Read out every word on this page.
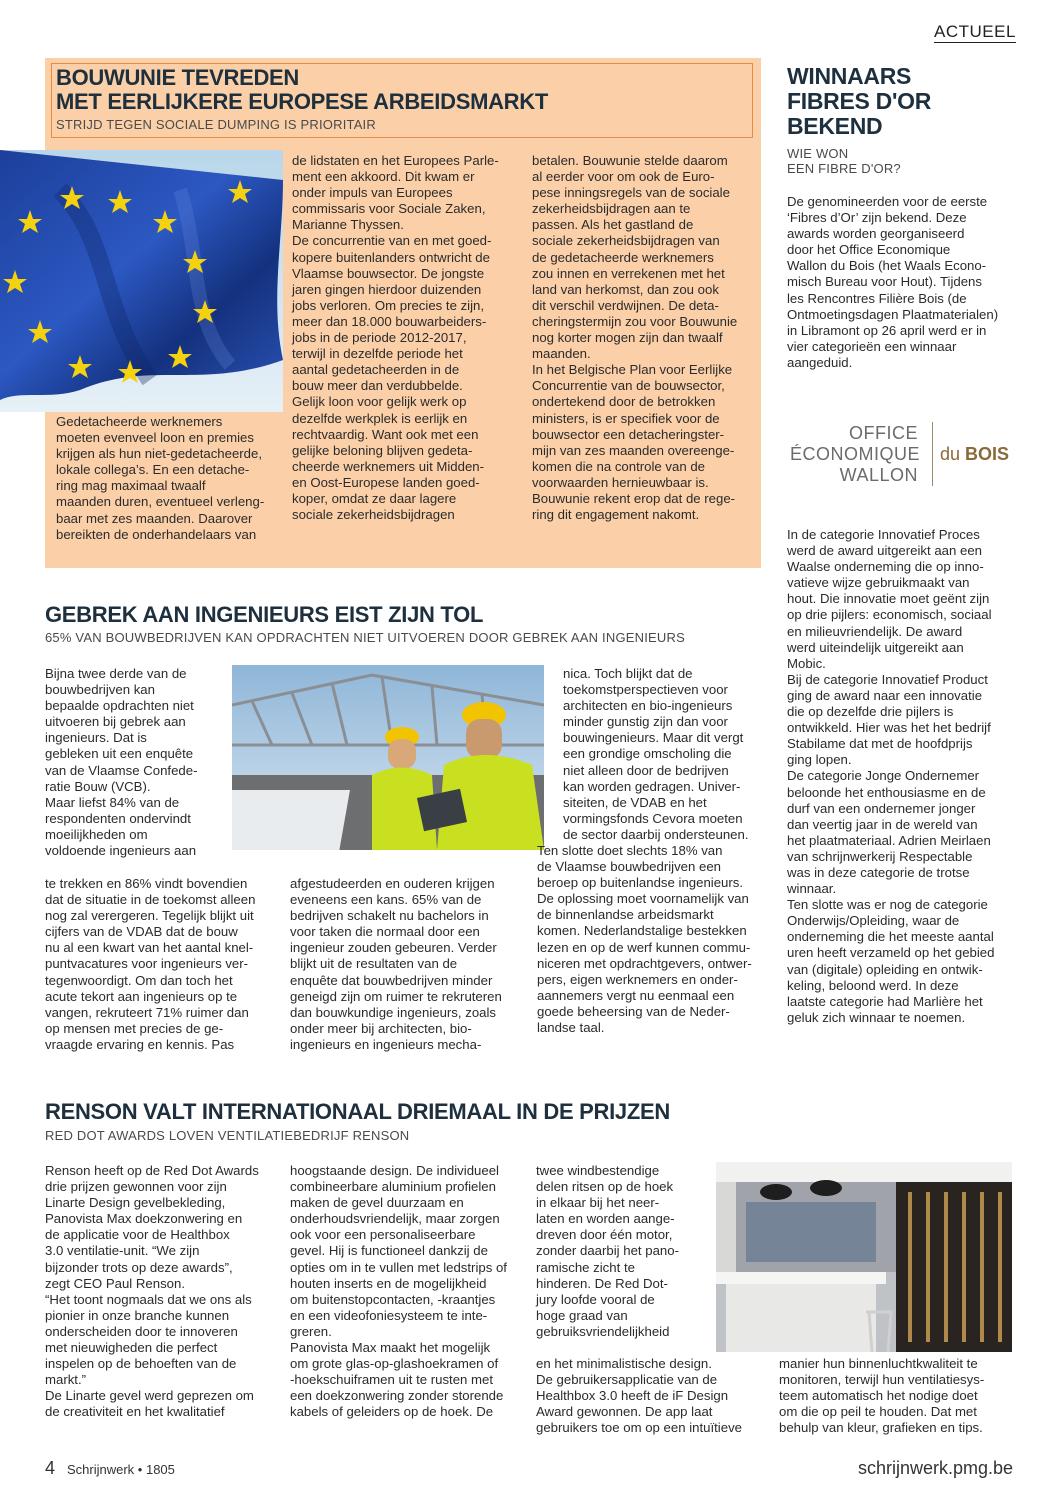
ACTUEEL
BOUWUNIE TEVREDEN
MET EERLIJKERE EUROPESE ARBEIDSMARKT

STRIJD TEGEN SOCIALE DUMPING IS PRIORITAIR

Gedetacheerde werknemers
moeten evenveel loon en premies
krijgen als hun niet-gedetacheerde,
lokale collega’s. En een detache-
ring mag maximaal twaalf
maanden duren, eventueel verleng-
baar met zes maanden. Daarover
bereikten de onderhandelaars van

de lidstaten en het Europees Parle-
ment een akkoord. Dit kwam er
onder impuls van Europees
commissaris voor Sociale Zaken,
Marianne Thyssen.
De concurrentie van en met goed-
kopere buitenlanders ontwricht de
Vlaamse bouwsector. De jongste
jaren gingen hierdoor duizenden
jobs verloren. Om precies te zijn,
meer dan 18.000 bouwarbeiders-
jobs in de periode 2012-2017,
terwijl in dezelfde periode het
aantal gedetacheerden in de
bouw meer dan verdubbelde.
Gelijk loon voor gelijk werk op
dezelfde werkplek is eerlijk en
rechtvaardig. Want ook met een
gelijke beloning blijven gedeta-
cheerde werknemers uit Midden-
en Oost-Europese landen goed-
koper, omdat ze daar lagere
sociale zekerheidsbijdragen

betalen. Bouwunie stelde daarom
al eerder voor om ook de Euro-
pese inningsregels van de sociale
zekerheidsbijdragen aan te
passen. Als het gastland de
sociale zekerheidsbijdragen van
de gedetacheerde werknemers
zou innen en verrekenen met het
land van herkomst, dan zou ook
dit verschil verdwijnen. De deta-
cheringstermijn zou voor Bouwunie
nog korter mogen zijn dan twaalf
maanden.
In het Belgische Plan voor Eerlijke
Concurrentie van de bouwsector,
ondertekend door de betrokken
ministers, is er specifiek voor de
bouwsector een detacheringster-
mijn van zes maanden overeenge-
komen die na controle van de
voorwaarden hernieuwbaar is.
Bouwunie rekent erop dat de rege-
ring dit engagement nakomt.

WINNAARS
FIBRES D'OR
BEKEND

WIE WON
EEN FIBRE D'OR?

De genomineerden voor de eerste
‘Fibres d’Or’ zijn bekend. Deze
awards worden georganiseerd
door het Office Economique
Wallon du Bois (het Waals Econo-
misch Bureau voor Hout). Tijdens
les Rencontres Filière Bois (de
Ontmoetingsdagen Plaatmaterialen)
in Libramont op 26 april werd er in
vier categorieën een winnaar
aangeduid.

OFFICE
ÉCONOMIQUE
WALLON
du BOIS

In de categorie Innovatief Proces
werd de award uitgereikt aan een
Waalse onderneming die op inno-
vatieve wijze gebruikmaakt van
hout. Die innovatie moet geënt zijn
op drie pijlers: economisch, sociaal
en milieuvriendelijk. De award
werd uiteindelijk uitgereikt aan
Mobic.
Bij de categorie Innovatief Product
ging de award naar een innovatie
die op dezelfde drie pijlers is
ontwikkeld. Hier was het het bedrijf
Stabilame dat met de hoofdprijs
ging lopen.
De categorie Jonge Ondernemer
beloonde het enthousiasme en de
durf van een ondernemer jonger
dan veertig jaar in de wereld van
het plaatmateriaal. Adrien Meirlaen
van schrijnwerkerij Respectable
was in deze categorie de trotse
winnaar.
Ten slotte was er nog de categorie
Onderwijs/Opleiding, waar de
onderneming die het meeste aantal
uren heeft verzameld op het gebied
van (digitale) opleiding en ontwik-
keling, beloond werd. In deze
laatste categorie had Marlière het
geluk zich winnaar te noemen.

GEBREK AAN INGENIEURS EIST ZIJN TOL

65% VAN BOUWBEDRIJVEN KAN OPDRACHTEN NIET UITVOEREN DOOR GEBREK AAN INGENIEURS

Bijna twee derde van de
bouwbedrijven kan
bepaalde opdrachten niet
uitvoeren bij gebrek aan
ingenieurs. Dat is
gebleken uit een enquête
van de Vlaamse Confede-
ratie Bouw (VCB).
Maar liefst 84% van de
respondenten ondervindt
moeilijkheden om
voldoende ingenieurs aan

te trekken en 86% vindt bovendien
dat de situatie in de toekomst alleen
nog zal verergeren. Tegelijk blijkt uit
cijfers van de VDAB dat de bouw
nu al een kwart van het aantal knel-
puntvacatures voor ingenieurs ver-
tegenwoordigt. Om dan toch het
acute tekort aan ingenieurs op te
vangen, rekruteert 71% ruimer dan
op mensen met precies de ge-
vraagde ervaring en kennis. Pas

afgestudeerden en ouderen krijgen
eveneens een kans. 65% van de
bedrijven schakelt nu bachelors in
voor taken die normaal door een
ingenieur zouden gebeuren. Verder
blijkt uit de resultaten van de
enquête dat bouwbedrijven minder
geneigd zijn om ruimer te rekruteren
dan bouwkundige ingenieurs, zoals
onder meer bij architecten, bio-
ingenieurs en ingenieurs mecha-

nica. Toch blijkt dat de
toekomstperspectieven voor
architecten en bio-ingenieurs
minder gunstig zijn dan voor
bouwingenieurs. Maar dit vergt
een grondige omscholing die
niet alleen door de bedrijven
kan worden gedragen. Univer-
siteiten, de VDAB en het
vormingsfonds Cevora moeten
de sector daarbij ondersteunen.

Ten slotte doet slechts 18% van
de Vlaamse bouwbedrijven een
beroep op buitenlandse ingenieurs.
De oplossing moet voornamelijk van
de binnenlandse arbeidsmarkt
komen. Nederlandstalige bestekken
lezen en op de werf kunnen commu-
niceren met opdrachtgevers, ontwer-
pers, eigen werknemers en onder-
aannemers vergt nu eenmaal een
goede beheersing van de Neder-
landse taal.

RENSON VALT INTERNATIONAAL DRIEMAAL IN DE PRIJZEN

RED DOT AWARDS LOVEN VENTILATIEBEDRIJF RENSON

Renson heeft op de Red Dot Awards
drie prijzen gewonnen voor zijn
Linarte Design gevelbekleding,
Panovista Max doekzonwering en
de applicatie voor de Healthbox
3.0 ventilatie-unit. “We zijn
bijzonder trots op deze awards”,
zegt CEO Paul Renson.
“Het toont nogmaals dat we ons als
pionier in onze branche kunnen
onderscheiden door te innoveren
met nieuwigheden die perfect
inspelen op de behoeften van de
markt.”
De Linarte gevel werd geprezen om
de creativiteit en het kwalitatief

hoogstaande design. De individueel
combineerbare aluminium profielen
maken de gevel duurzaam en
onderhoudsvriendelijk, maar zorgen
ook voor een personaliseerbare
gevel. Hij is functioneel dankzij de
opties om in te vullen met ledstrips of
houten inserts en de mogelijkheid
om buitenstopcontacten, -kraantjes
en een videofoniesysteem te inte-
greren.
Panovista Max maakt het mogelijk
om grote glas-op-glashoekramen of
-hoekschuiframen uit te rusten met
een doekzonwering zonder storende
kabels of geleiders op de hoek. De

twee windbestendige
delen ritsen op de hoek
in elkaar bij het neer-
laten en worden aange-
dreven door één motor,
zonder daarbij het pano-
ramische zicht te
hinderen. De Red Dot-
jury loofde vooral de
hoge graad van
gebruiksvriendelijkheid

en het minimalistische design.
De gebruikersapplicatie van de
Healthbox 3.0 heeft de iF Design
Award gewonnen. De app laat
gebruikers toe om op een intuïtieve

manier hun binnenluchtkwaliteit te
monitoren, terwijl hun ventilatiesys-
teem automatisch het nodige doet
om die op peil te houden. Dat met
behulp van kleur, grafieken en tips.

4 Schrijnwerk • 1805	schrijnwerk.pmg.be
